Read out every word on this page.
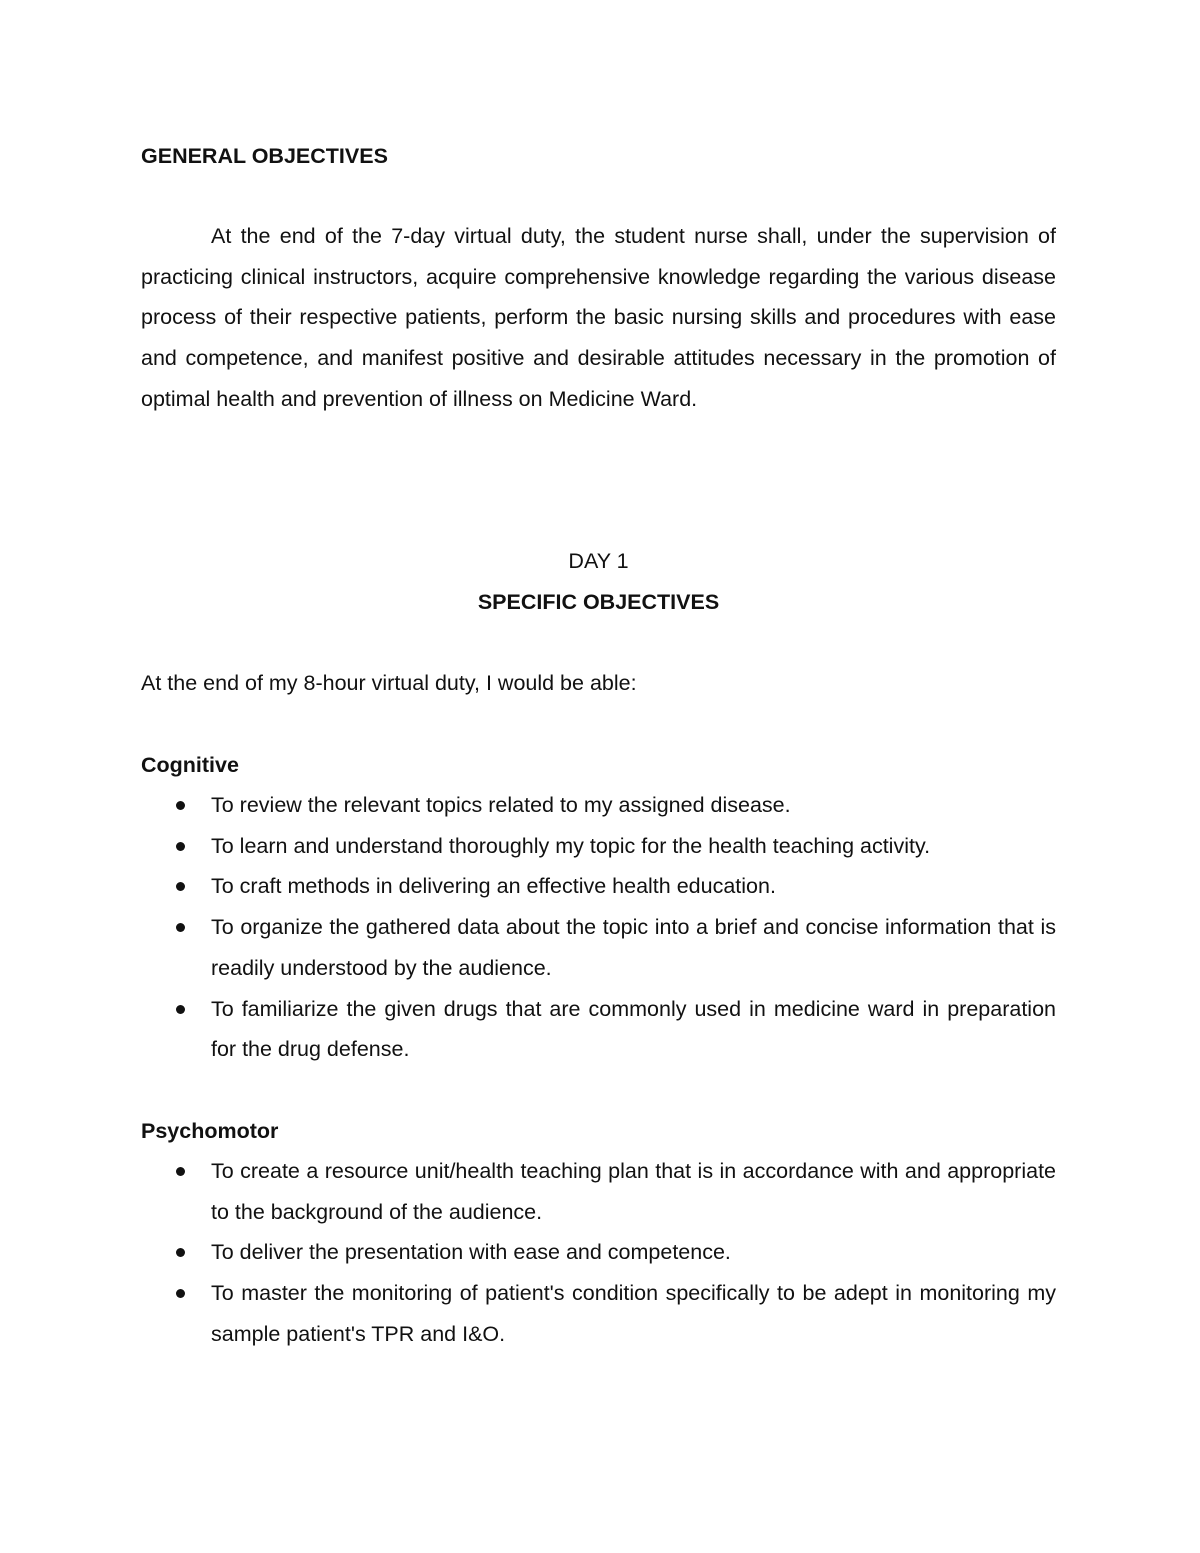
GENERAL OBJECTIVES

At the end of the 7-day virtual duty, the student nurse shall, under the supervision of practicing clinical instructors, acquire comprehensive knowledge regarding the various disease process of their respective patients, perform the basic nursing skills and procedures with ease and competence, and manifest positive and desirable attitudes necessary in the promotion of optimal health and prevention of illness on Medicine Ward.

DAY 1
SPECIFIC OBJECTIVES
At the end of my 8-hour virtual duty, I would be able:
Cognitive
To review the relevant topics related to my assigned disease.
To learn and understand thoroughly my topic for the health teaching activity.
To craft methods in delivering an effective health education.
To organize the gathered data about the topic into a brief and concise information that is readily understood by the audience.
To familiarize the given drugs that are commonly used in medicine ward in preparation for the drug defense.
Psychomotor
To create a resource unit/health teaching plan that is in accordance with and appropriate to the background of the audience.
To deliver the presentation with ease and competence.
To master the monitoring of patient's condition specifically to be adept in monitoring my sample patient's TPR and I&O.
